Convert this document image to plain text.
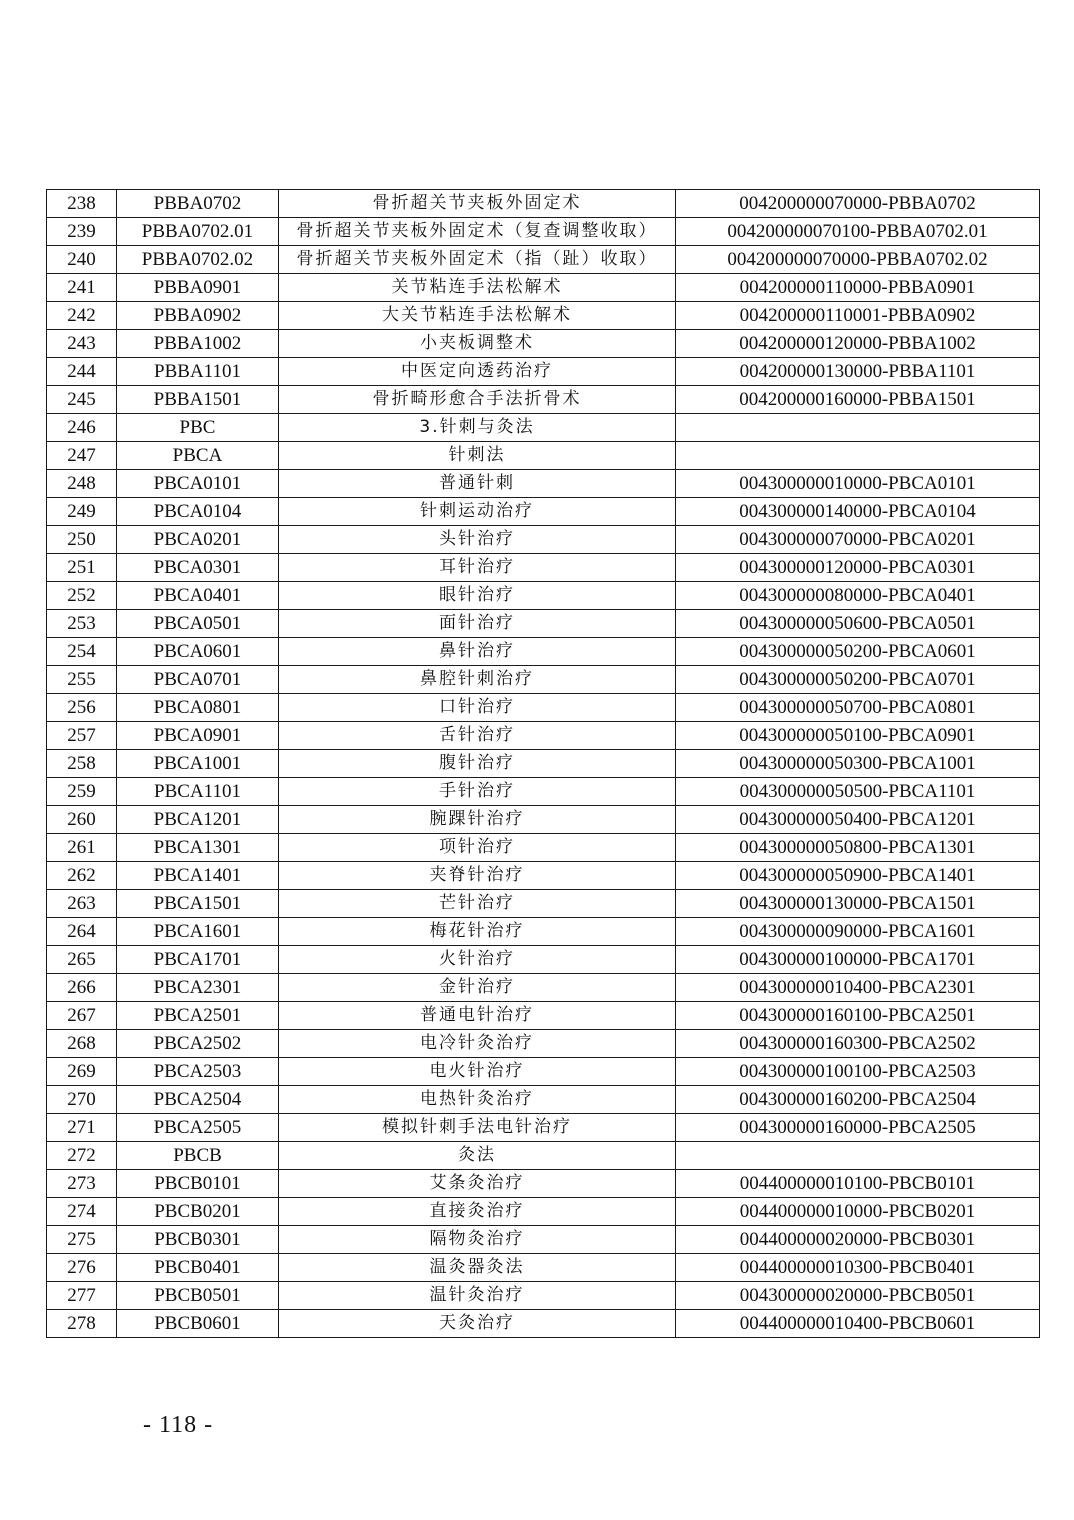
238	PBBA0702	骨折超关节夹板外固定术	004200000070000-PBBA0702
239	PBBA0702.01	骨折超关节夹板外固定术（复查调整收取）	004200000070100-PBBA0702.01
240	PBBA0702.02	骨折超关节夹板外固定术（指（趾）收取）	004200000070000-PBBA0702.02
241	PBBA0901	关节粘连手法松解术	004200000110000-PBBA0901
242	PBBA0902	大关节粘连手法松解术	004200000110001-PBBA0902
243	PBBA1002	小夹板调整术	004200000120000-PBBA1002
244	PBBA1101	中医定向透药治疗	004200000130000-PBBA1101
245	PBBA1501	骨折畸形愈合手法折骨术	004200000160000-PBBA1501
246	PBC	3.针刺与灸法	
247	PBCA	针刺法	
248	PBCA0101	普通针刺	004300000010000-PBCA0101
249	PBCA0104	针刺运动治疗	004300000140000-PBCA0104
250	PBCA0201	头针治疗	004300000070000-PBCA0201
251	PBCA0301	耳针治疗	004300000120000-PBCA0301
252	PBCA0401	眼针治疗	004300000080000-PBCA0401
253	PBCA0501	面针治疗	004300000050600-PBCA0501
254	PBCA0601	鼻针治疗	004300000050200-PBCA0601
255	PBCA0701	鼻腔针刺治疗	004300000050200-PBCA0701
256	PBCA0801	口针治疗	004300000050700-PBCA0801
257	PBCA0901	舌针治疗	004300000050100-PBCA0901
258	PBCA1001	腹针治疗	004300000050300-PBCA1001
259	PBCA1101	手针治疗	004300000050500-PBCA1101
260	PBCA1201	腕踝针治疗	004300000050400-PBCA1201
261	PBCA1301	项针治疗	004300000050800-PBCA1301
262	PBCA1401	夹脊针治疗	004300000050900-PBCA1401
263	PBCA1501	芒针治疗	004300000130000-PBCA1501
264	PBCA1601	梅花针治疗	004300000090000-PBCA1601
265	PBCA1701	火针治疗	004300000100000-PBCA1701
266	PBCA2301	金针治疗	004300000010400-PBCA2301
267	PBCA2501	普通电针治疗	004300000160100-PBCA2501
268	PBCA2502	电冷针灸治疗	004300000160300-PBCA2502
269	PBCA2503	电火针治疗	004300000100100-PBCA2503
270	PBCA2504	电热针灸治疗	004300000160200-PBCA2504
271	PBCA2505	模拟针刺手法电针治疗	004300000160000-PBCA2505
272	PBCB	灸法	
273	PBCB0101	艾条灸治疗	004400000010100-PBCB0101
274	PBCB0201	直接灸治疗	004400000010000-PBCB0201
275	PBCB0301	隔物灸治疗	004400000020000-PBCB0301
276	PBCB0401	温灸器灸法	004400000010300-PBCB0401
277	PBCB0501	温针灸治疗	004300000020000-PBCB0501
278	PBCB0601	天灸治疗	004400000010400-PBCB0601
- 118 -
